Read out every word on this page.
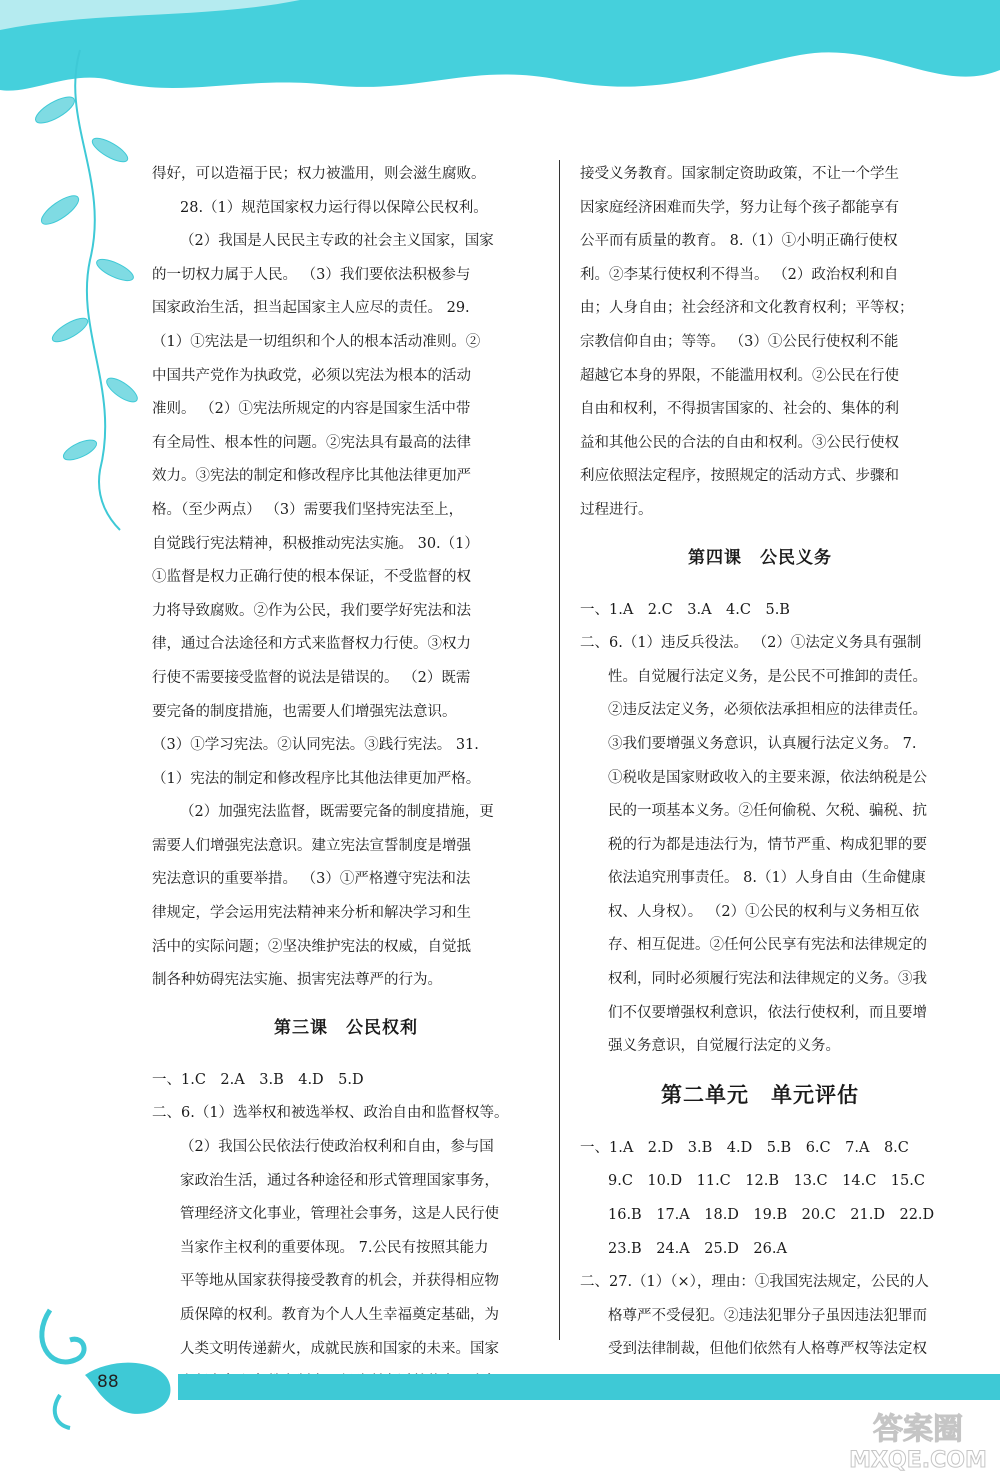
得好，可以造福于民；权力被滥用，则会滋生腐败。
28.（1）规范国家权力运行得以保障公民权利。
（2）我国是人民民主专政的社会主义国家，国家
的一切权力属于人民。 （3）我们要依法积极参与
国家政治生活，担当起国家主人应尽的责任。 29.
（1）①宪法是一切组织和个人的根本活动准则。②
中国共产党作为执政党，必须以宪法为根本的活动
准则。 （2）①宪法所规定的内容是国家生活中带
有全局性、根本性的问题。②宪法具有最高的法律
效力。③宪法的制定和修改程序比其他法律更加严
格。（至少两点） （3）需要我们坚持宪法至上，
自觉践行宪法精神，积极推动宪法实施。 30.（1）
①监督是权力正确行使的根本保证，不受监督的权
力将导致腐败。②作为公民，我们要学好宪法和法
律，通过合法途径和方式来监督权力行使。③权力
行使不需要接受监督的说法是错误的。 （2）既需
要完备的制度措施，也需要人们增强宪法意识。
（3）①学习宪法。②认同宪法。③践行宪法。 31.
（1）宪法的制定和修改程序比其他法律更加严格。
（2）加强宪法监督，既需要完备的制度措施，更
需要人们增强宪法意识。建立宪法宣誓制度是增强
宪法意识的重要举措。 （3）①严格遵守宪法和法
律规定，学会运用宪法精神来分析和解决学习和生
活中的实际问题；②坚决维护宪法的权威，自觉抵
制各种妨碍宪法实施、损害宪法尊严的行为。
第三课　公民权利
一、1.C　2.A　3.B　4.D　5.D
二、6.（1）选举权和被选举权、政治自由和监督权等。
（2）我国公民依法行使政治权利和自由，参与国
家政治生活，通过各种途径和形式管理国家事务，
管理经济文化事业，管理社会事务，这是人民行使
当家作主权利的重要体现。 7.公民有按照其能力
平等地从国家获得接受教育的机会，并获得相应物
质保障的权利。教育为个人人生幸福奠定基础，为
人类文明传递薪火，成就民族和国家的未来。国家
接受义务教育。国家制定资助政策，不让一个学生
因家庭经济困难而失学，努力让每个孩子都能享有
公平而有质量的教育。 8.（1）①小明正确行使权
利。②李某行使权利不得当。 （2）政治权利和自
由；人身自由；社会经济和文化教育权利；平等权；
宗教信仰自由；等等。 （3）①公民行使权利不能
超越它本身的界限，不能滥用权利。②公民在行使
自由和权利，不得损害国家的、社会的、集体的利
益和其他公民的合法的自由和权利。③公民行使权
利应依照法定程序，按照规定的活动方式、步骤和
过程进行。
第四课　公民义务
一、1.A　2.C　3.A　4.C　5.B
二、6.（1）违反兵役法。 （2）①法定义务具有强制
性。自觉履行法定义务，是公民不可推卸的责任。
②违反法定义务，必须依法承担相应的法律责任。
③我们要增强义务意识，认真履行法定义务。 7.
①税收是国家财政收入的主要来源，依法纳税是公
民的一项基本义务。②任何偷税、欠税、骗税、抗
税的行为都是违法行为，情节严重、构成犯罪的要
依法追究刑事责任。 8.（1）人身自由（生命健康
权、人身权）。 （2）①公民的权利与义务相互依
存、相互促进。②任何公民享有宪法和法律规定的
权利，同时必须履行宪法和法律规定的义务。③我
们不仅要增强权利意识，依法行使权利，而且要增
强义务意识，自觉履行法定的义务。
第二单元　单元评估
一、1.A　2.D　3.B　4.D　5.B　6.C　7.A　8.C
9.C　10.D　11.C　12.B　13.C　14.C　15.C
16.B　17.A　18.D　19.B　20.C　21.D　22.D
23.B　24.A　25.D　26.A
二、27.（1）（×），理由：①我国宪法规定，公民的人
格尊严不受侵犯。②违法犯罪分子虽因违法犯罪而
受到法律制裁，但他们依然有人格尊严权等法定权
88
答案圈
MXQE.COM
